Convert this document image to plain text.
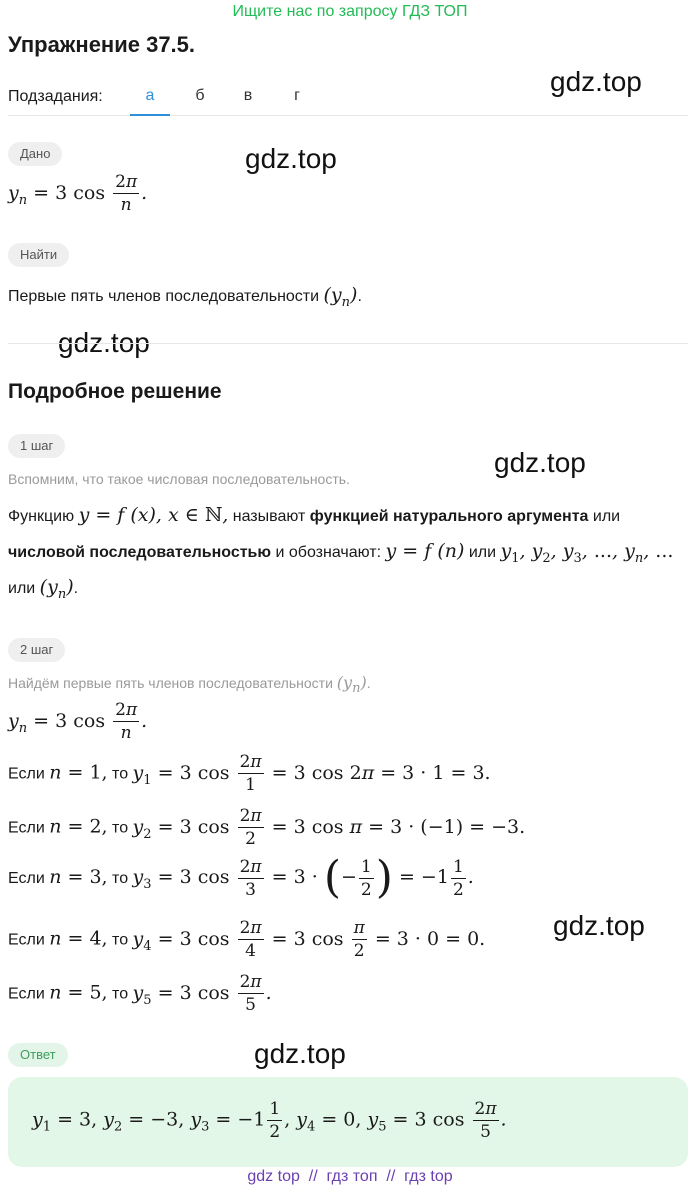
Ищите нас по запросу ГДЗ ТОП
Упражнение 37.5.
gdz.top
Подзадания:	а	б	в	г
Дано	gdz.top
$y_n = 3$ $\cos \frac{2\pi}{n}$ .
Найти
Первые пять членов последовательности $(y_n)$.
gdz.top
Подробное решение
1 шаг
gdz.top
Вспомним, что такое числовая последовательность.
Функцию y = f (x), x ∈ ℕ, называют функцией натурального аргумента или
числовой последовательностью и обозначают: y = f (n) или $y_1$, $y_2$, $y_3$, ..., $y_n$, ...
или $(y_n)$.
2 шаг
Найдём первые пять членов последовательности $(y_n)$.
$y_n = 3$ $\cos \frac{2\pi}{n}$ .
Если n = 1, то $y_1 = 3$ $\cos \frac{2\pi}{1} = 3$ cos 2π = 3 · 1 = 3.
Если n = 2, то $y_2 = 3$ $\cos \frac{2\pi}{2} = 3$ cos π = 3 · (−1) = −3.
Если n = 3, то $y_3 = 3$ $\cos \frac{2\pi}{3} = 3$ · (− $\frac{1}{2}$ ) = $-1 \frac{1}{2}$ .
gdz.top
Если n = 4, то $y_4 = 3$ $\cos \frac{2\pi}{4} = 3$ $\cos \frac{\pi}{2} = 3 \cdot 0 = 0$.
Если n = 5, то $y_5 = 3$ $\cos \frac{2\pi}{5}$ .
Ответ	gdz.top
$y_1 = 3$, $y_2 = -3$, $y_3 = -1 \frac{1}{2}$ , $y_4 = 0$, $y_5 = 3$ $\cos \frac{2\pi}{5}$ .
gdz top  //  гдз топ  //  гдз top
